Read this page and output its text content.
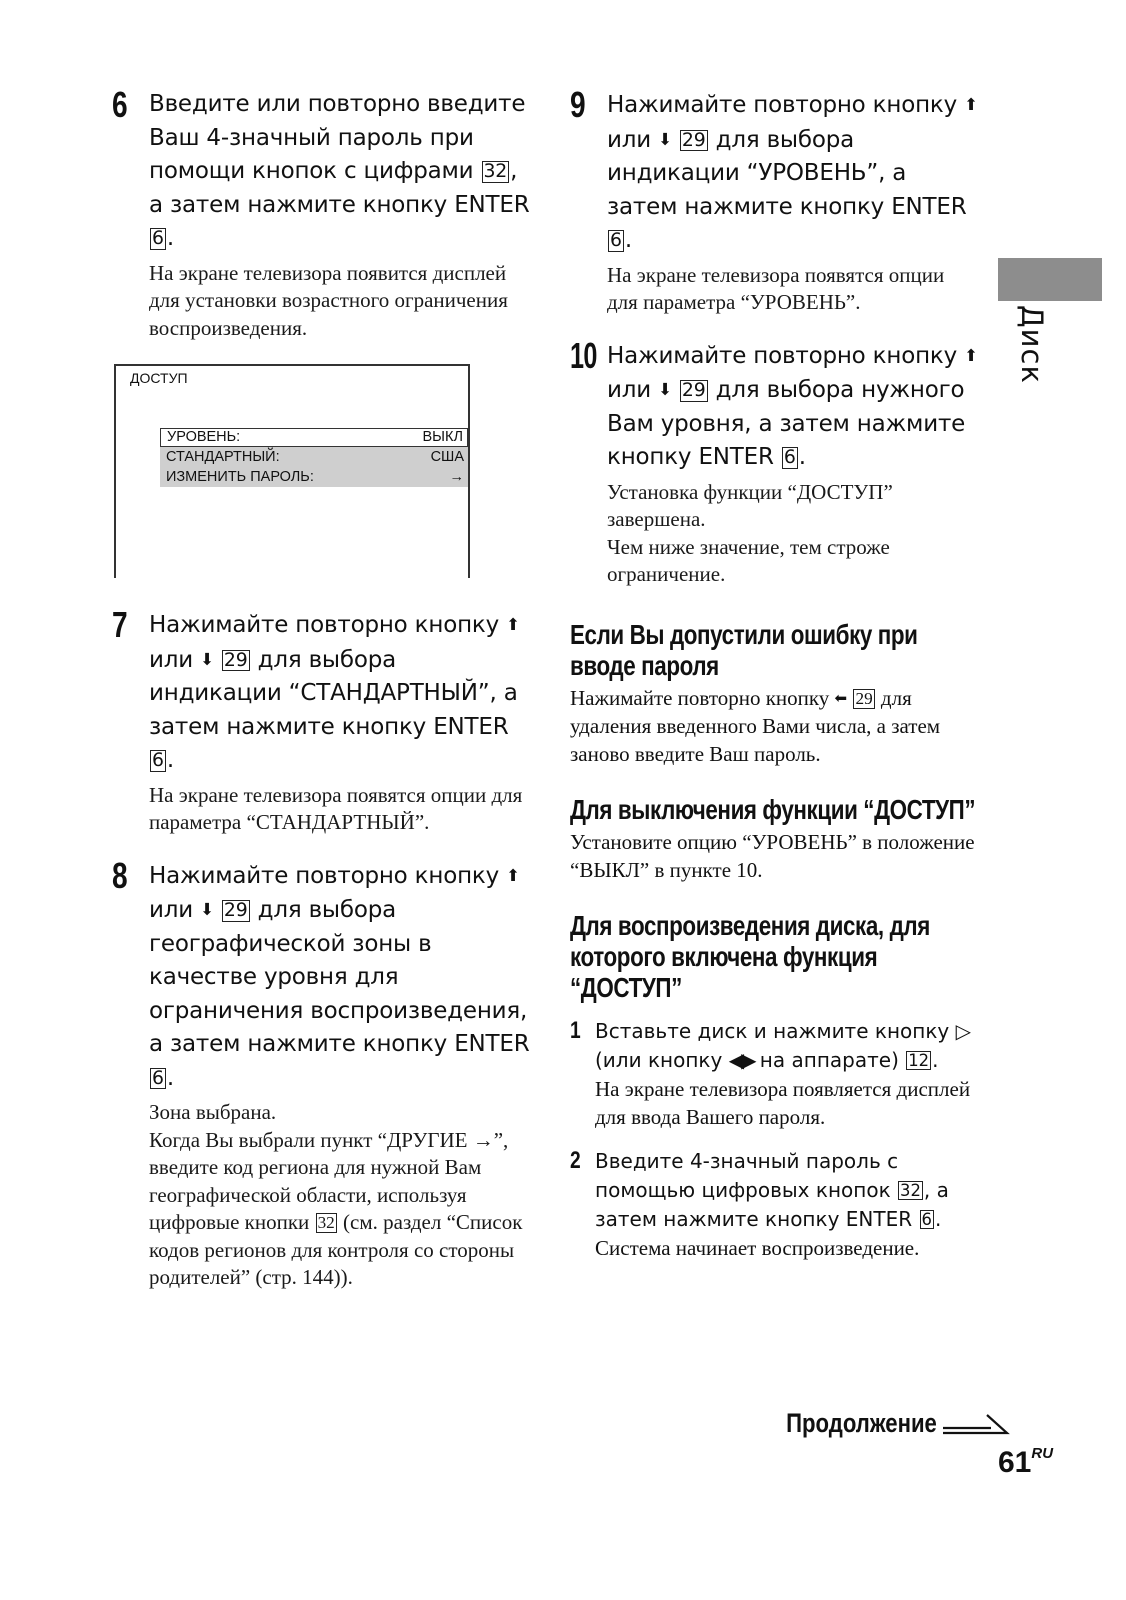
6 Введите или повторно введите Ваш 4-значный пароль при помощи кнопок с цифрами 32 , а затем нажмите кнопку ENTER 6 .
На экране телевизора появится дисплей для установки возрастного ограничения воспроизведения.
ДОСТУП
УРОВЕНЬ:	ВЫКЛ
СТАНДАРТНЫЙ:	США
ИЗМЕНИТЬ ПАРОЛЬ:	→
7 Нажимайте повторно кнопку ⬆ или ⬇ 29 для выбора индикации “СТАНДАРТНЫЙ”, а затем нажмите кнопку ENTER 6 .
На экране телевизора появятся опции для параметра “СТАНДАРТНЫЙ”.
8 Нажимайте повторно кнопку ⬆ или ⬇ 29 для выбора географической зоны в качестве уровня для ограничения воспроизведения, а затем нажмите кнопку ENTER 6 .
Зона выбрана.
Когда Вы выбрали пункт “ДРУГИЕ →”, введите код региона для нужной Вам географической области, используя цифровые кнопки 32 (см. раздел “Список кодов регионов для контроля со стороны родителей” (стр. 144)).
9 Нажимайте повторно кнопку ⬆ или ⬇ 29 для выбора индикации “УРОВЕНЬ”, а затем нажмите кнопку ENTER 6 .
На экране телевизора появятся опции для параметра “УРОВЕНЬ”.
10 Нажимайте повторно кнопку ⬆ или ⬇ 29 для выбора нужного Вам уровня, а затем нажмите кнопку ENTER 6 .
Установка функции “ДОСТУП” завершена.
Чем ниже значение, тем строже ограничение.
Если Вы допустили ошибку при вводе пароля
Нажимайте повторно кнопку ⬅ 29 для удаления введенного Вами числа, а затем заново введите Ваш пароль.
Для выключения функции “ДОСТУП”
Установите опцию “УРОВЕНЬ” в положение “ВЫКЛ” в пункте 10.
Для воспроизведения диска, для которого включена функция “ДОСТУП”
1 Вставьте диск и нажмите кнопку ▷ (или кнопку ◀▶ на аппарате) 12 .
На экране телевизора появляется дисплей для ввода Вашего пароля.
2 Введите 4-значный пароль с помощью цифровых кнопок 32 , а затем нажмите кнопку ENTER 6 .
Система начинает воспроизведение.
Диск
Продолжение
$61^{RU}$
